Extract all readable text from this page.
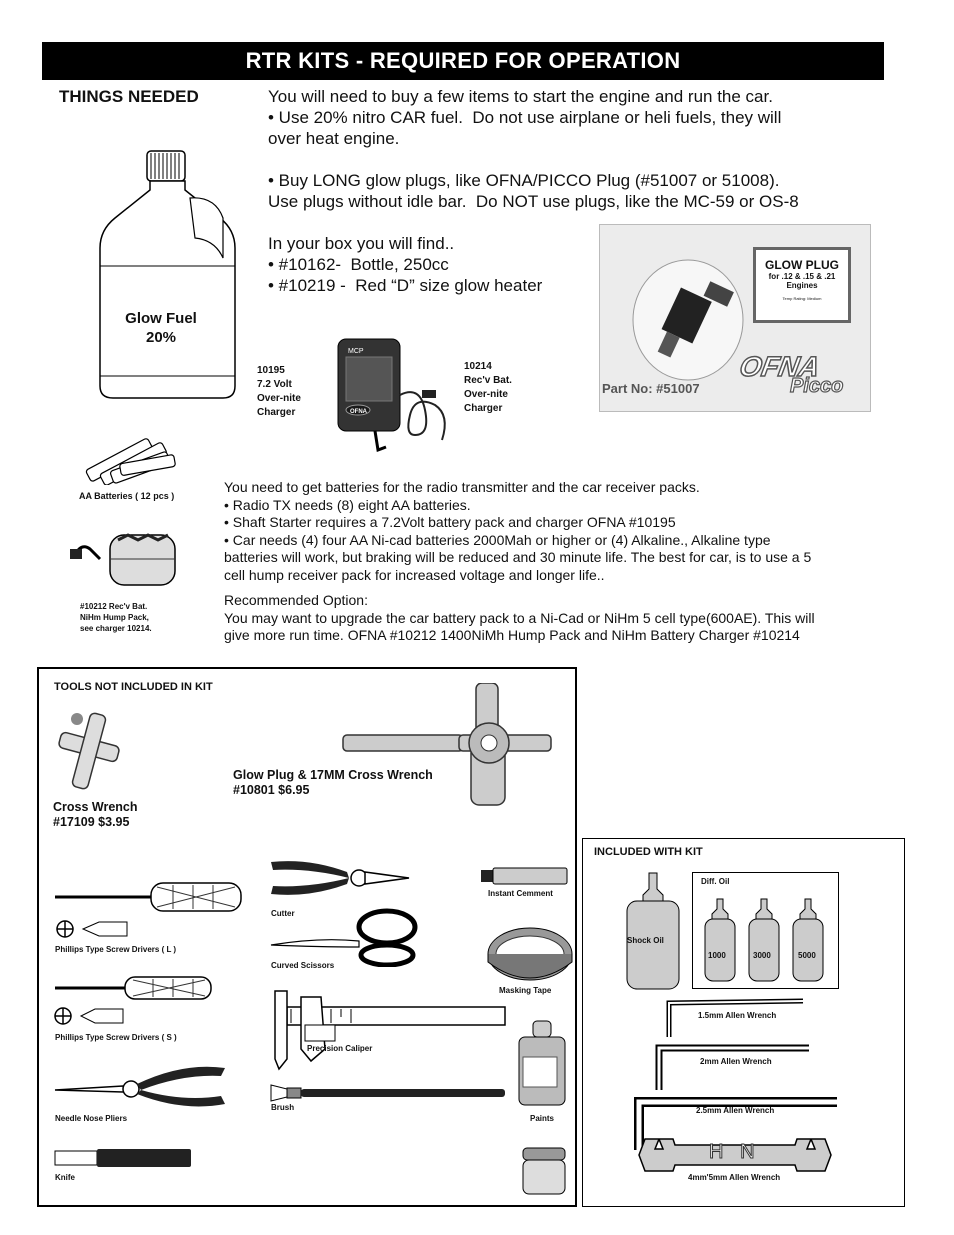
RTR KITS - REQUIRED FOR OPERATION
THINGS NEEDED	You will need to buy a few items to start the engine and run the car.
• Use 20% nitro CAR fuel.  Do not use airplane or heli fuels, they will
over heat engine.
• Buy LONG glow plugs, like OFNA/PICCO Plug (#51007 or 51008).
Use plugs without idle bar.  Do NOT use plugs, like the MC-59 or OS-8
In your box you will find..
• #10162-  Bottle, 250cc
• #10219 -  Red “D” size glow heater
Glow Fuel
20%
10195
7.2 Volt
Over-nite
Charger
MCP
OFNA
10214
Rec'v Bat.
Over-nite
Charger
GLOW PLUG
for .12 & .15 & .21
Engines
Temp Rating: Medium
Part No: #51007
OFNA
Picco
AA Batteries ( 12 pcs )
#10212 Rec'v Bat.
NiHm Hump Pack,
see charger 10214.
You need to get batteries for the radio transmitter and the car receiver packs.
• Radio TX needs (8) eight AA batteries.
• Shaft Starter requires a 7.2Volt battery pack and charger OFNA #10195
• Car needs (4) four AA Ni-cad batteries 2000Mah or higher or (4) Alkaline., Alkaline type
batteries will work, but braking will be reduced and 30 minute life. The best for car, is to use a 5
cell hump receiver pack for increased voltage and longer life..
Recommended Option:
You may want to upgrade the car battery pack to a Ni-Cad or NiHm 5 cell type(600AE). This will
give more run time. OFNA #10212 1400NiMh Hump Pack and NiHm Battery Charger #10214
TOOLS NOT INCLUDED IN KIT
Cross Wrench
#17109 $3.95
Glow Plug & 17MM Cross Wrench
#10801 $6.95
Phillips Type Screw Drivers ( L )
Phillips Type Screw Drivers ( S )
Needle Nose Pliers
Knife
Cutter
Curved Scissors
Precision Caliper
Brush
Instant Cemment
Masking Tape
Paints
INCLUDED WITH KIT
Shock Oil
Diff. Oil
1000	3000	5000
1.5mm Allen Wrench
2mm Allen Wrench
2.5mm Allen Wrench
H   N
4mm'5mm Allen Wrench
